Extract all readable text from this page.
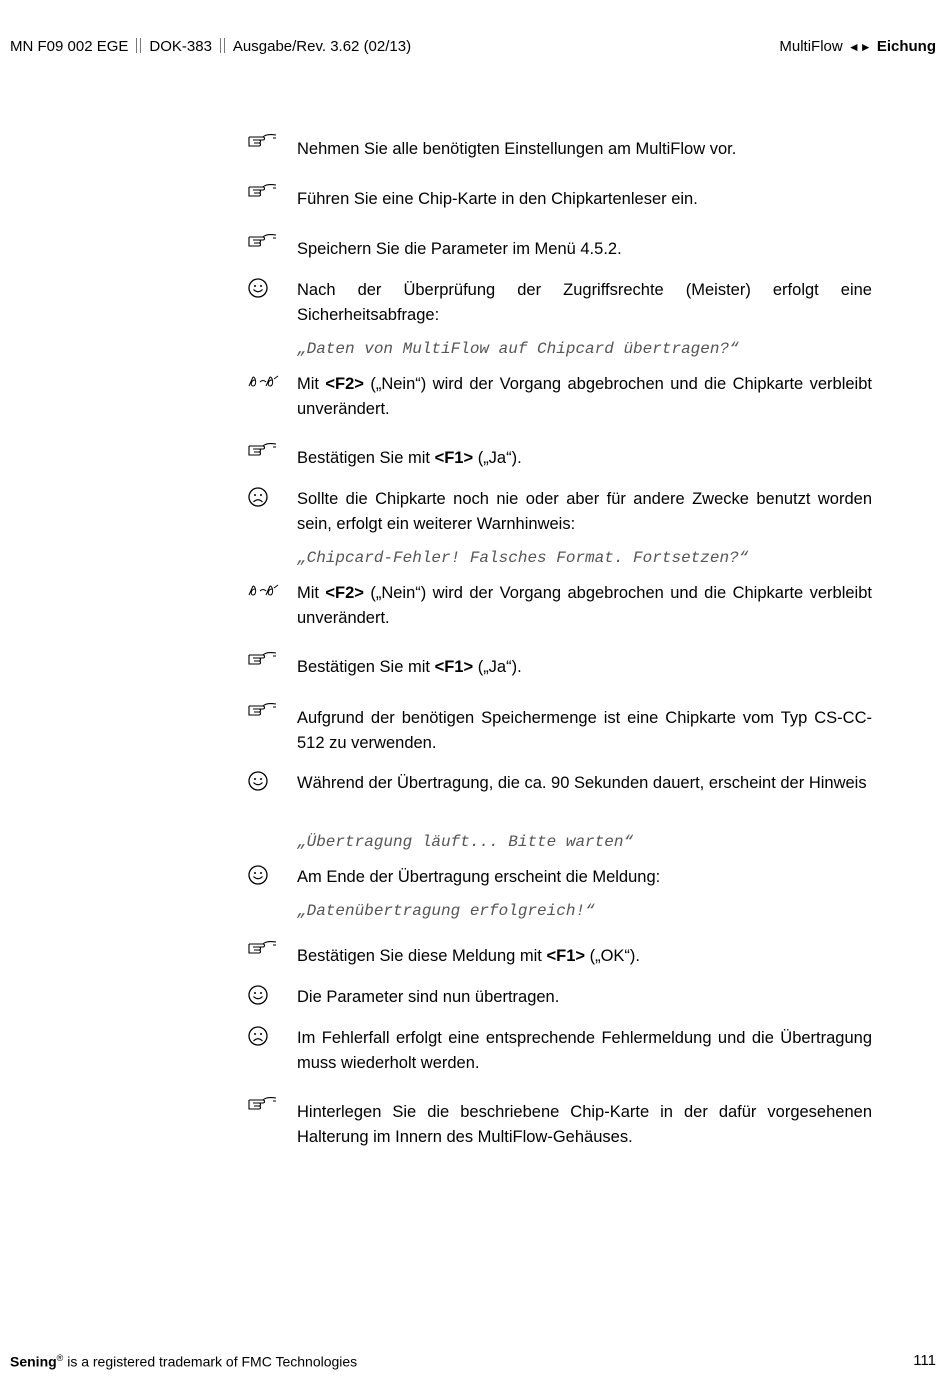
MN F09 002 EGE DOK-383 Ausgabe/Rev. 3.62 (02/13)	MultiFlow ◄► Eichung
Nehmen Sie alle benötigten Einstellungen am MultiFlow vor.
Führen Sie eine Chip-Karte in den Chipkartenleser ein.
Speichern Sie die Parameter im Menü 4.5.2.
Nach der Überprüfung der Zugriffsrechte (Meister) erfolgt eine Sicherheitsabfrage:
„Daten von MultiFlow auf Chipcard übertragen?“
Mit <F2> („Nein“) wird der Vorgang abgebrochen und die Chipkarte verbleibt unverändert.
Bestätigen Sie mit <F1> („Ja“).
Sollte die Chipkarte noch nie oder aber für andere Zwecke benutzt worden sein, erfolgt ein weiterer Warnhinweis:
„Chipcard-Fehler! Falsches Format. Fortsetzen?“
Mit <F2> („Nein“) wird der Vorgang abgebrochen und die Chipkarte verbleibt unverändert.
Bestätigen Sie mit <F1> („Ja“).
Aufgrund der benötigen Speichermenge ist eine Chipkarte vom Typ CS-CC-512 zu verwenden.
Während der Übertragung, die ca. 90 Sekunden dauert, erscheint der Hinweis
„Übertragung läuft... Bitte warten“
Am Ende der Übertragung erscheint die Meldung:
„Datenübertragung erfolgreich!“
Bestätigen Sie diese Meldung mit <F1> („OK“).
Die Parameter sind nun übertragen.
Im Fehlerfall erfolgt eine entsprechende Fehlermeldung und die Übertragung muss wiederholt werden.
Hinterlegen Sie die beschriebene Chip-Karte in der dafür vorgesehenen Halterung im Innern des MultiFlow-Gehäuses.
Sening® is a registered trademark of FMC Technologies	111
